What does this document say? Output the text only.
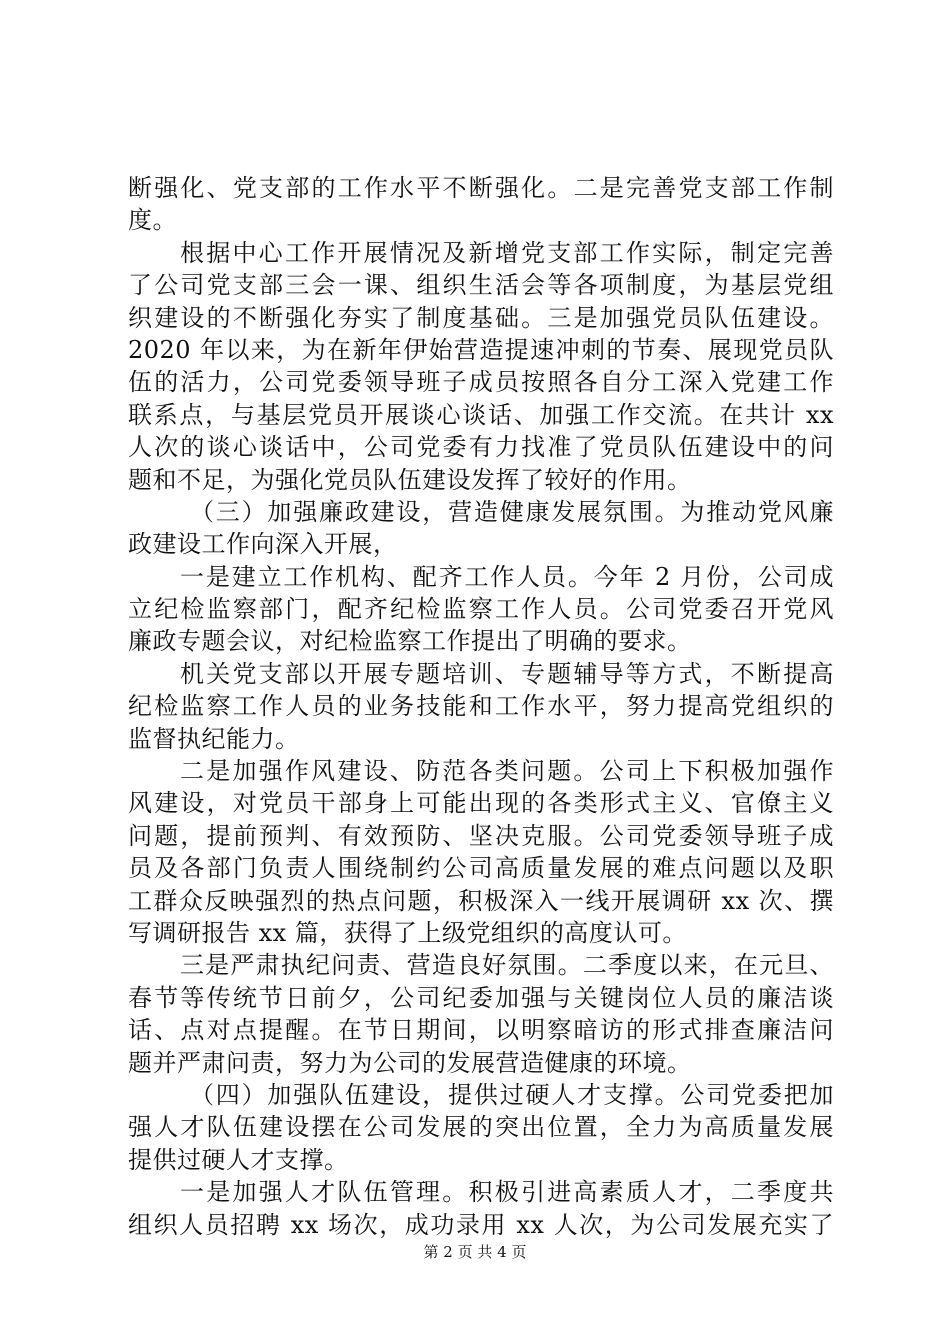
断强化、党支部的工作水平不断强化。二是完善党支部工作制
度。
根据中心工作开展情况及新增党支部工作实际，制定完善
了公司党支部三会一课、组织生活会等各项制度，为基层党组
织建设的不断强化夯实了制度基础。三是加强党员队伍建设。
2020 年以来，为在新年伊始营造提速冲刺的节奏、展现党员队
伍的活力，公司党委领导班子成员按照各自分工深入党建工作
联系点，与基层党员开展谈心谈话、加强工作交流。在共计 xx
人次的谈心谈话中，公司党委有力找准了党员队伍建设中的问
题和不足，为强化党员队伍建设发挥了较好的作用。
（三）加强廉政建设，营造健康发展氛围。为推动党风廉
政建设工作向深入开展，
一是建立工作机构、配齐工作人员。今年 2 月份，公司成
立纪检监察部门，配齐纪检监察工作人员。公司党委召开党风
廉政专题会议，对纪检监察工作提出了明确的要求。
机关党支部以开展专题培训、专题辅导等方式，不断提高
纪检监察工作人员的业务技能和工作水平，努力提高党组织的
监督执纪能力。
二是加强作风建设、防范各类问题。公司上下积极加强作
风建设，对党员干部身上可能出现的各类形式主义、官僚主义
问题，提前预判、有效预防、坚决克服。公司党委领导班子成
员及各部门负责人围绕制约公司高质量发展的难点问题以及职
工群众反映强烈的热点问题，积极深入一线开展调研 xx 次、撰
写调研报告 xx 篇，获得了上级党组织的高度认可。
三是严肃执纪问责、营造良好氛围。二季度以来，在元旦、
春节等传统节日前夕，公司纪委加强与关键岗位人员的廉洁谈
话、点对点提醒。在节日期间，以明察暗访的形式排查廉洁问
题并严肃问责，努力为公司的发展营造健康的环境。
（四）加强队伍建设，提供过硬人才支撑。公司党委把加
强人才队伍建设摆在公司发展的突出位置，全力为高质量发展
提供过硬人才支撑。
一是加强人才队伍管理。积极引进高素质人才，二季度共
组织人员招聘 xx 场次，成功录用 xx 人次，为公司发展充实了
第 2 页 共 4 页
